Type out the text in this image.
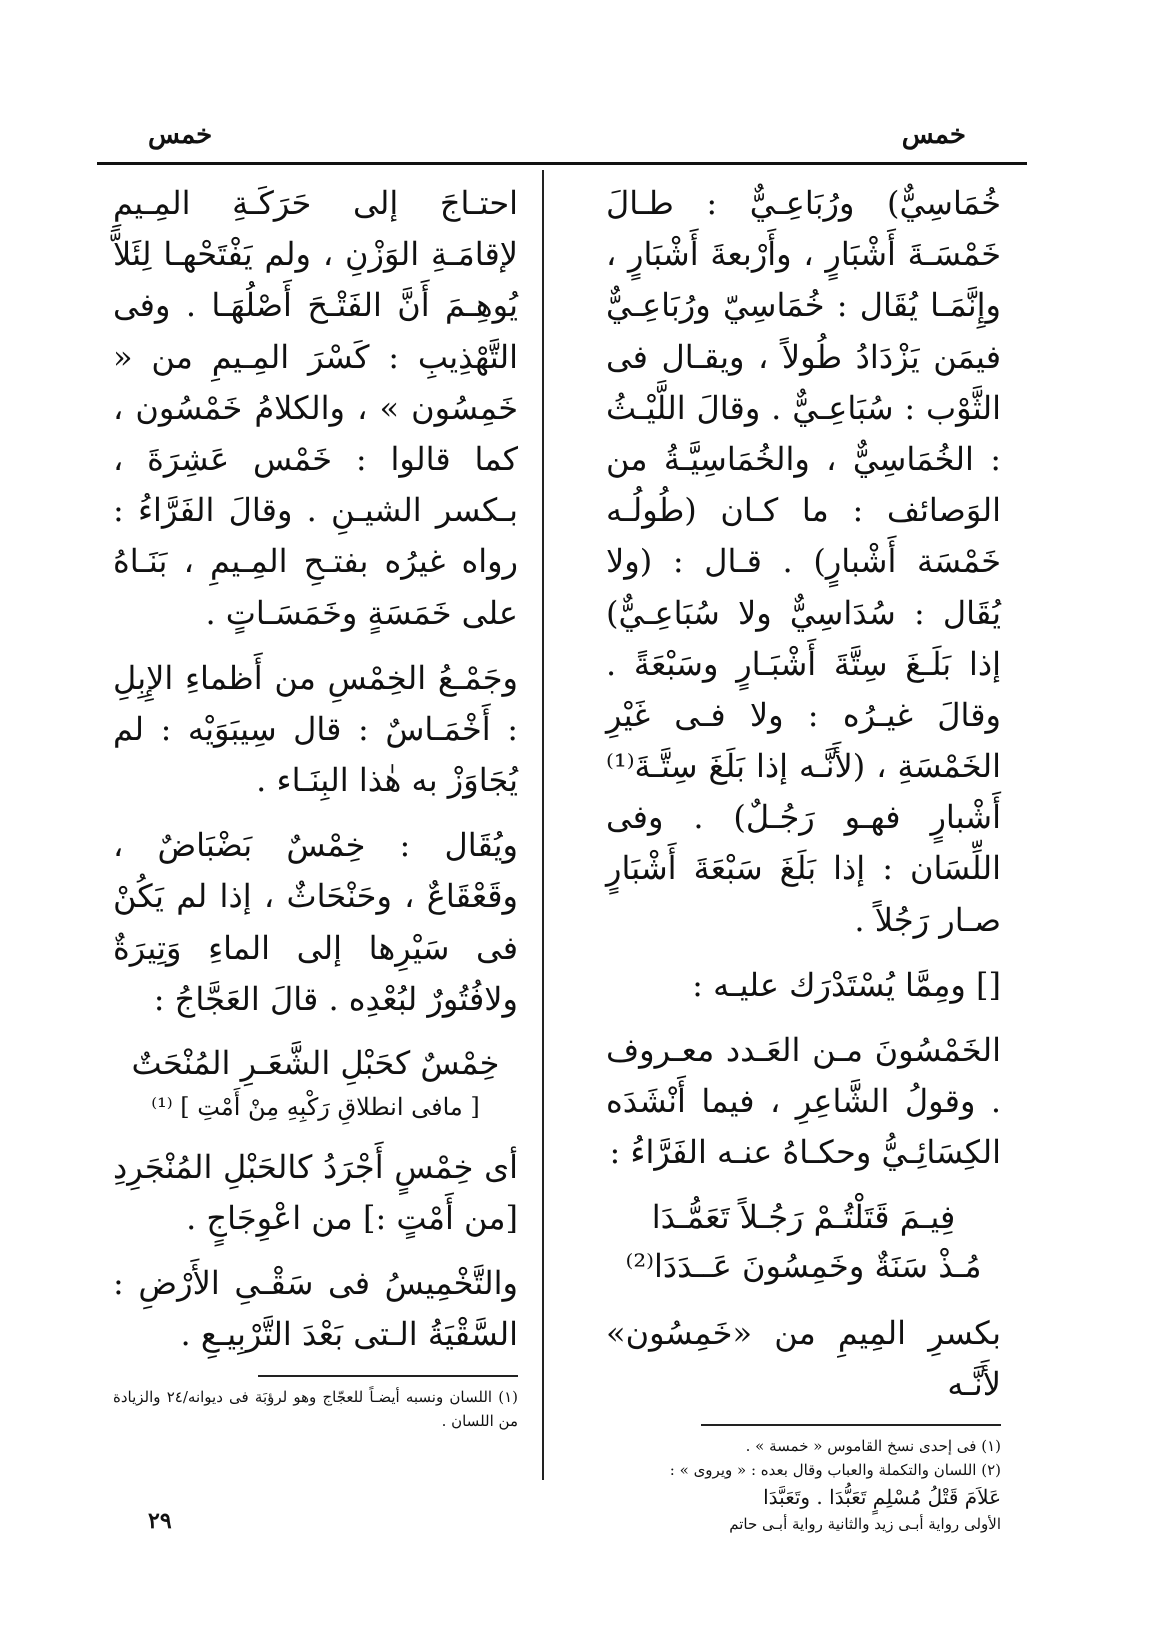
خمس
خمس

خُمَاسِيٌّ) ورُبَاعِـيٌّ : طـالَ خَمْسَـةَ أَشْبَارٍ ، وأَرْبعةَ أَشْبَارٍ ، وإِنَّمَـا يُقَال : خُمَاسِيّ ورُبَاعِـيٌّ فيمَن يَزْدَادُ طُولاً ، ويقـال فى الثَّوْب : سُبَاعِـيٌّ . وقالَ اللَّيْـثُ : الخُمَاسِيٌّ ، والخُمَاسِيَّـةُ من الوَصائف : ما كـان (طُولُـه خَمْسَة أَشْبارٍ) . قـال : (ولا يُقَال : سُدَاسِيٌّ ولا سُبَاعِـيٌّ) إذا بَلَـغَ سِتَّةَ أَشْبَـارٍ وسَبْعَةً . وقالَ غيـرُه : ولا فـى غَيْرِ الخَمْسَةِ ، (لأَنَّـه إذا بَلَغَ سِتَّـةَ⁽¹⁾ أَشْبارٍ فهـو رَجُـلٌ) . وفى اللِّسَان : إذا بَلَغَ سَبْعَةَ أَشْبَارٍ صـار رَجُلاً .

[] ومِمَّا يُسْتَدْرَك عليـه :

الخَمْسُونَ مـن العَـدد معـروف . وقولُ الشَّاعِرِ ، فيما أَنْشَدَه الكِسَائِـيُّ وحكـاهُ عنـه الفَرَّاءُ :

فِيـمَ قَتَلْتُـمْ رَجُـلاً تَعَمُّـدَا
مُـذْ سَنَةٌ وخَمِسُونَ عَــدَدَا⁽²⁾

بكسرِ المِيمِ من «خَمِسُون» لأَنَّـه

(١) فى إحدى نسخ القاموس « خمسة » .

(٢) اللسان والتكملة والعباب وقال بعده : « ويروى » :

عَلاَمَ قَتْلُ مُسْلِمٍ تَعَبُّدَا . وتَعَبَّدَا

الأولى رواية أبـى زيد والثانية رواية أبـى حاتم

احتـاجَ إلى حَرَكَـةِ المِـيمِ لإقامَـةِ الوَزْنِ ، ولم يَفْتَحْهـا لِئَلاَّ يُوهِـمَ أَنَّ الفَتْـحَ أَصْلُهَـا . وفى التَّهْذِيبِ : كَسْرَ المِـيمِ من « خَمِسُون » ، والكلامُ خَمْسُون ، كما قالوا : خَمْس عَشِرَةَ ، بـكسر الشيـنِ . وقالَ الفَرَّاءُ : رواه غيرُه بفتـحِ المِـيمِ ، بَنَـاهُ على خَمَسَةٍ وخَمَسَـاتٍ .

وجَمْـعُ الخِمْسِ من أَظماءِ الإِبِلِ : أَخْمَـاسٌ : قال سِيبَوَيْه : لم يُجَاوَزْ به هٰذا البِنَـاء .

ويُقَال : خِمْسٌ بَضْبَاضٌ ، وقَعْقَاعٌ ، وحَنْحَاثٌ ، إذا لم يَكُنْ فى سَيْرِها إلى الماءِ وَتِيرَةٌ ولافُتُورٌ لبُعْدِه . قالَ العَجَّاجُ :

خِمْسٌ كحَبْلِ الشَّعَـرِ المُنْحَتٌ
[ مافى انطلاقِ رَكْبِهِ مِنْ أَمْتِ ] ⁽¹⁾

أى خِمْسٍ أَجْرَدُ كالحَبْلِ المُنْجَرِدِ [من أَمْتٍ :] من اعْوِجَاجٍ .

والتَّخْمِيسُ فى سَقْـىِ الأَرْضِ : السَّقْيَةُ الـتى بَعْدَ التَّرْبِيـعِ .

(١) اللسان ونسبه أيضـاً للعجّاج وهو لرؤبَة فى ديوانه/٢٤ والزيادة من اللسان .

٢٩
